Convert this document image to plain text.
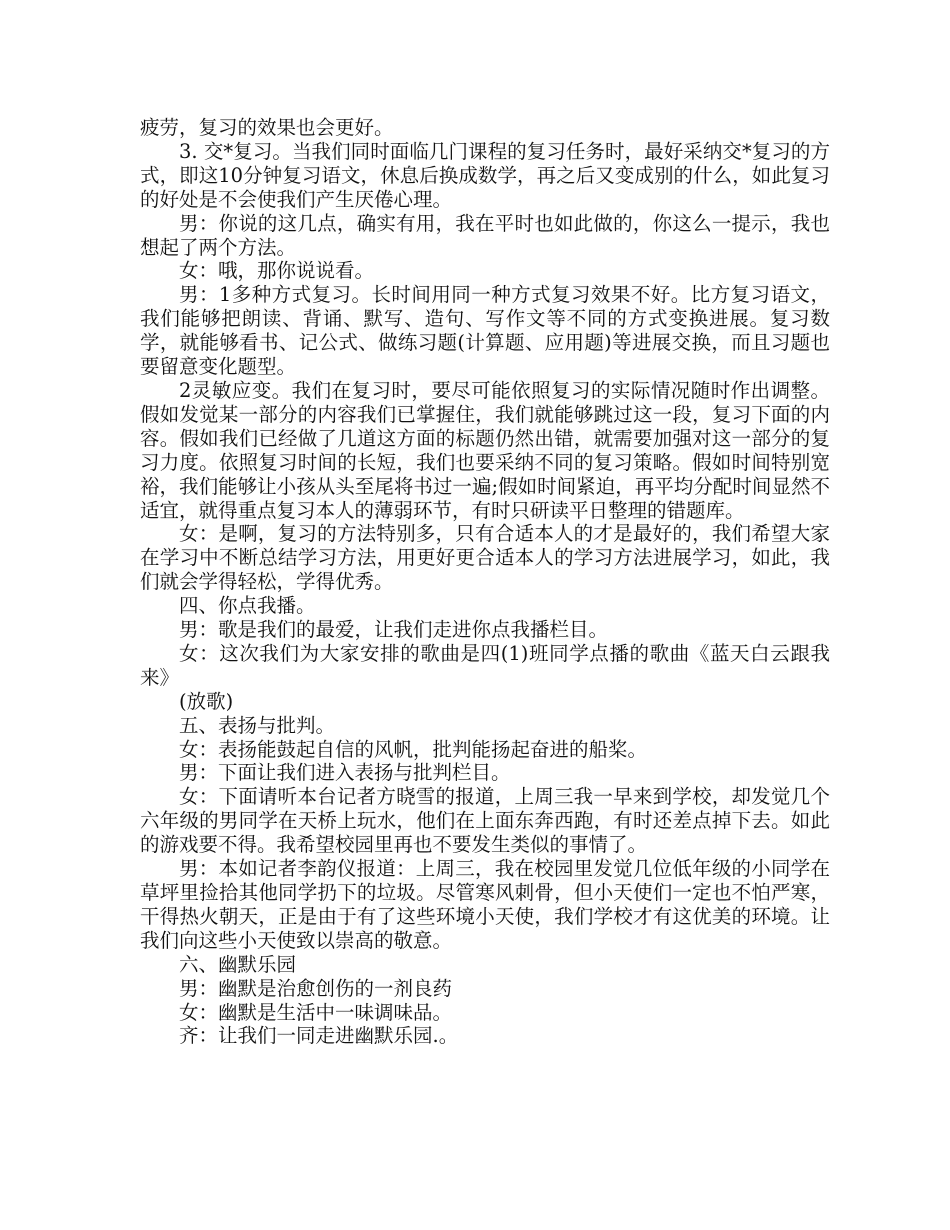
疲劳，复习的效果也会更好。

3. 交*复习。当我们同时面临几门课程的复习任务时，最好采纳交*复习的方式，即这10分钟复习语文，休息后换成数学，再之后又变成别的什么，如此复习的好处是不会使我们产生厌倦心理。

男：你说的这几点，确实有用，我在平时也如此做的，你这么一提示，我也想起了两个方法。

女：哦，那你说说看。

男：1多种方式复习。长时间用同一种方式复习效果不好。比方复习语文，我们能够把朗读、背诵、默写、造句、写作文等不同的方式变换进展。复习数学，就能够看书、记公式、做练习题(计算题、应用题)等进展交换，而且习题也要留意变化题型。

2灵敏应变。我们在复习时，要尽可能依照复习的实际情况随时作出调整。假如发觉某一部分的内容我们已掌握住，我们就能够跳过这一段，复习下面的内容。假如我们已经做了几道这方面的标题仍然出错，就需要加强对这一部分的复习力度。依照复习时间的长短，我们也要采纳不同的复习策略。假如时间特别宽裕，我们能够让小孩从头至尾将书过一遍;假如时间紧迫，再平均分配时间显然不适宜，就得重点复习本人的薄弱环节，有时只研读平日整理的错题库。

女：是啊，复习的方法特别多，只有合适本人的才是最好的，我们希望大家在学习中不断总结学习方法，用更好更合适本人的学习方法进展学习，如此，我们就会学得轻松，学得优秀。

四、你点我播。

男：歌是我们的最爱，让我们走进你点我播栏目。

女：这次我们为大家安排的歌曲是四(1)班同学点播的歌曲《蓝天白云跟我来》

(放歌)

五、表扬与批判。

女：表扬能鼓起自信的风帆，批判能扬起奋进的船桨。

男：下面让我们进入表扬与批判栏目。

女：下面请听本台记者方晓雪的报道，上周三我一早来到学校，却发觉几个六年级的男同学在天桥上玩水，他们在上面东奔西跑，有时还差点掉下去。如此的游戏要不得。我希望校园里再也不要发生类似的事情了。

男：本如记者李韵仪报道：上周三，我在校园里发觉几位低年级的小同学在草坪里捡拾其他同学扔下的垃圾。尽管寒风刺骨，但小天使们一定也不怕严寒，干得热火朝天，正是由于有了这些环境小天使，我们学校才有这优美的环境。让我们向这些小天使致以崇高的敬意。

六、幽默乐园

男：幽默是治愈创伤的一剂良药

女：幽默是生活中一味调味品。

齐：让我们一同走进幽默乐园.。
